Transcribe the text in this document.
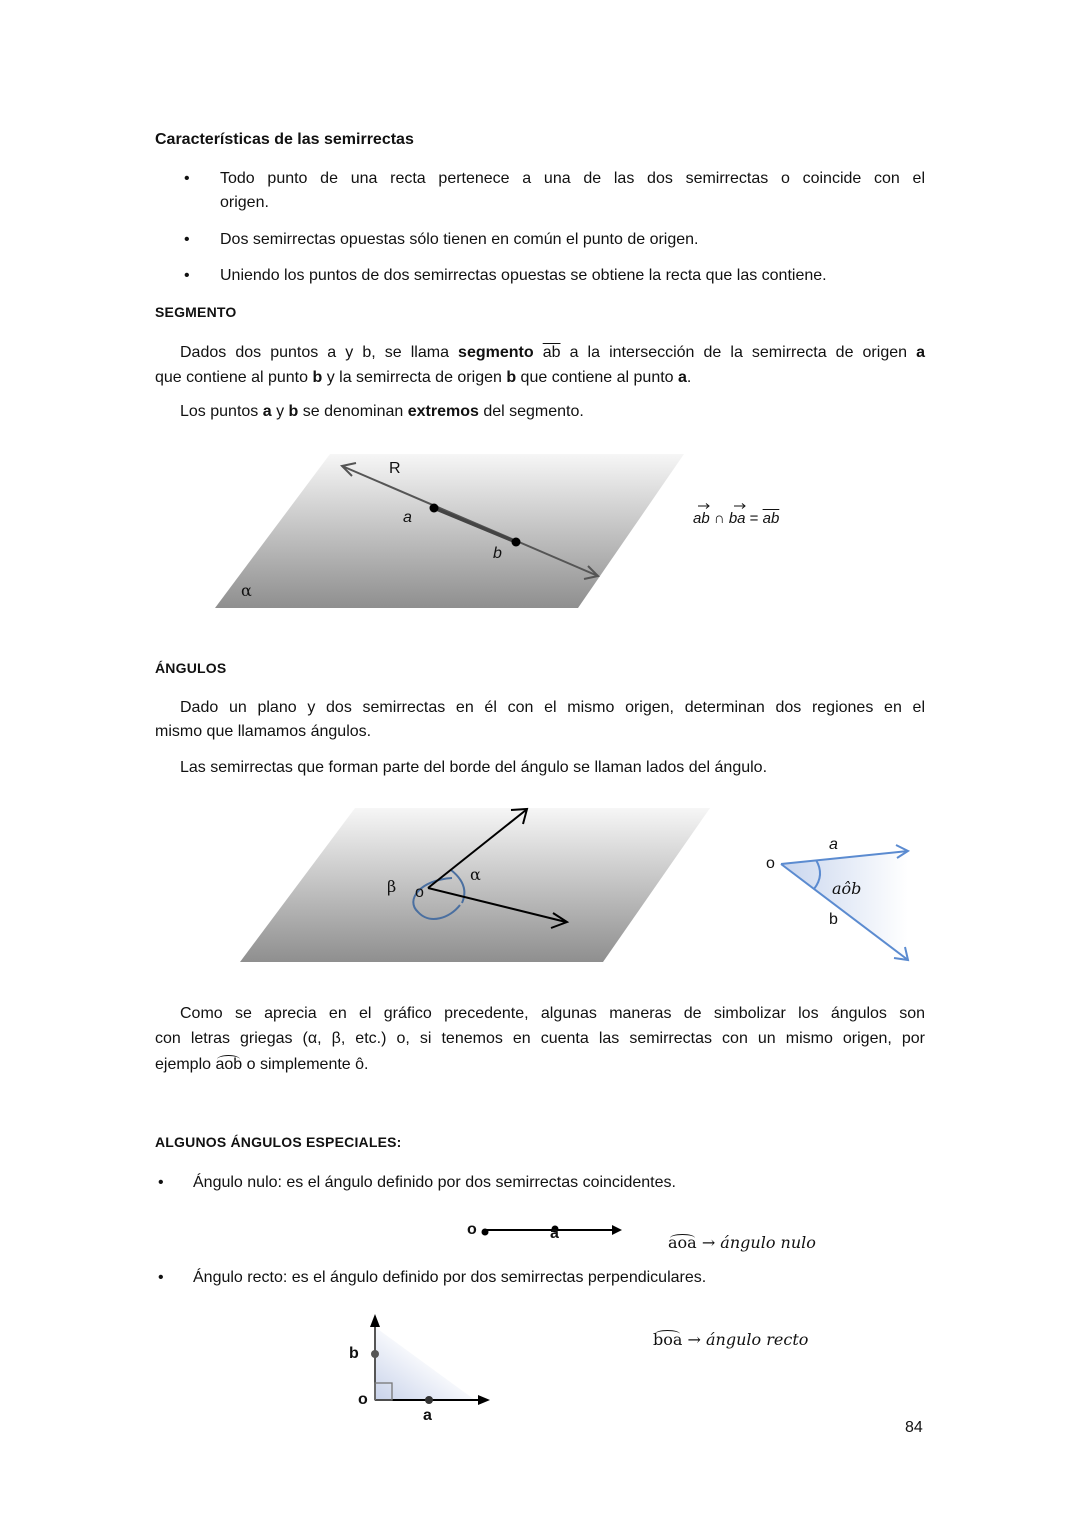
Características de las semirrectas
• Todo punto de una recta pertenece a una de las dos semirrectas o coincide con el
origen.
• Dos semirrectas opuestas sólo tienen en común el punto de origen.
• Uniendo los puntos de dos semirrectas opuestas se obtiene la recta que las contiene.
SEGMENTO
Dados dos puntos a y b, se llama segmento $\overline{ab}$ a la intersección de la semirrecta de origen a
que contiene al punto b y la semirrecta de origen b que contiene al punto a.
Los puntos a y b se denominan extremos del segmento.
R
a
b
α
ab
∩ ba
= $\overline{ab}$
ÁNGULOS
Dado un plano y dos semirrectas en él con el mismo origen, determinan dos regiones en el
mismo que llamamos ángulos.
Las semirrectas que forman parte del borde del ángulo se llaman lados del ángulo.
β o
α
o
a
b
aôb
Como se aprecia en el gráfico precedente, algunas maneras de simbolizar los ángulos son
con letras griegas (α, β, etc.) o, si tenemos en cuenta las semirrectas con un mismo origen, por
ejemplo aob
o simplemente ô.
ALGUNOS ÁNGULOS ESPECIALES:
• Ángulo nulo: es el ángulo definido por dos semirrectas coincidentes.
o	a	aoa → ángulo nulo
• Ángulo recto: es el ángulo definido por dos semirrectas perpendiculares.
b
o
a
boa → ángulo recto
84
